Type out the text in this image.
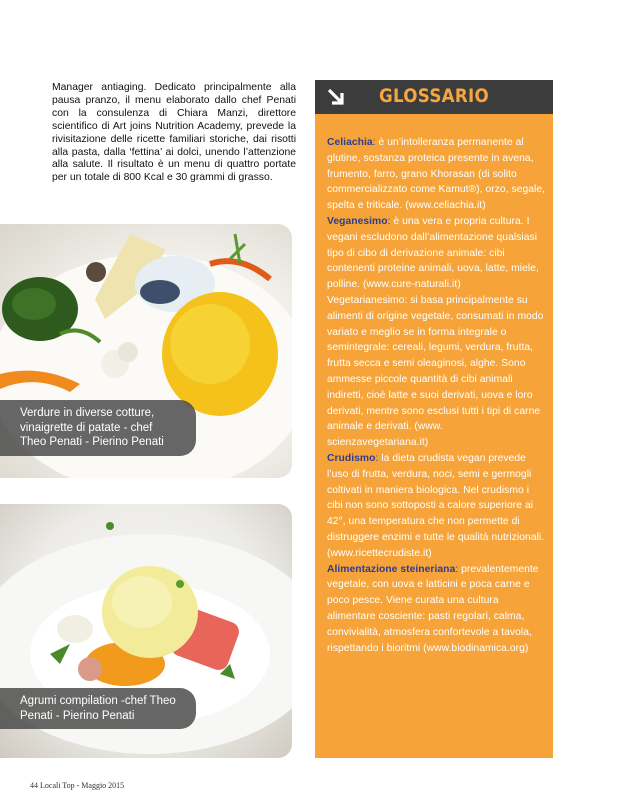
Manager antiaging. Dedicato principalmente alla pausa pranzo, il menu elaborato dallo chef Penati con la consulenza di Chiara Manzi, direttore scientifico di Art joins Nutrition Academy, prevede la rivisitazione delle ricette familiari storiche, dai risotti alla pasta, dalla ‘fettina’ ai dolci, unendo l’attenzione alla salute. Il risultato è un menu di quattro portate per un totale di 800 Kcal e 30 grammi di grasso.

Verdure in diverse cotture, vinaigrette di patate - chef Theo Penati - Pierino Penati
Agrumi compilation -chef Theo Penati - Pierino Penati
GLOSSARIO

Celiachia: è un’intolleranza permanente al glutine, sostanza proteica presente in avena, frumento, farro, grano Khorasan (di solito commercializzato come Kamut®), orzo, segale, spelta e triticale. (www.celiachia.it)

Veganesimo: è una vera e propria cultura. I vegani escludono dall’alimentazione qualsiasi tipo di cibo di derivazione animale: cibi contenenti proteine animali, uova, latte, miele, polline. (www.cure-naturali.it)

Vegetarianesimo: si basa principalmente su alimenti di origine vegetale, consumati in modo variato e meglio se in forma integrale o semintegrale: cereali, legumi, verdura, frutta, frutta secca e semi oleaginosi, alghe. Sono ammesse piccole quantità di cibi animali indiretti, cioè latte e suoi derivati, uova e loro derivati, mentre sono esclusi tutti i tipi di carne animale e derivati. (www. scienzavegetariana.it)

Crudismo: la dieta crudista vegan prevede l’uso di frutta, verdura, noci, semi e germogli coltivati in maniera biologica. Nel crudismo i cibi non sono sottoposti a calore superiore ai 42°, una temperatura che non permette di distruggere enzimi e tutte le qualità nutrizionali. (www.ricettecrudiste.it)

Alimentazione steineriana: prevalentemente vegetale, con uova e latticini e poca carne e poco pesce. Viene curata una cultura alimentare cosciente: pasti regolari, calma, convivialità, atmosfera confortevole a tavola, rispettando i bioritmi (www.biodinamica.org)

44 Locali Top - Maggio 2015
